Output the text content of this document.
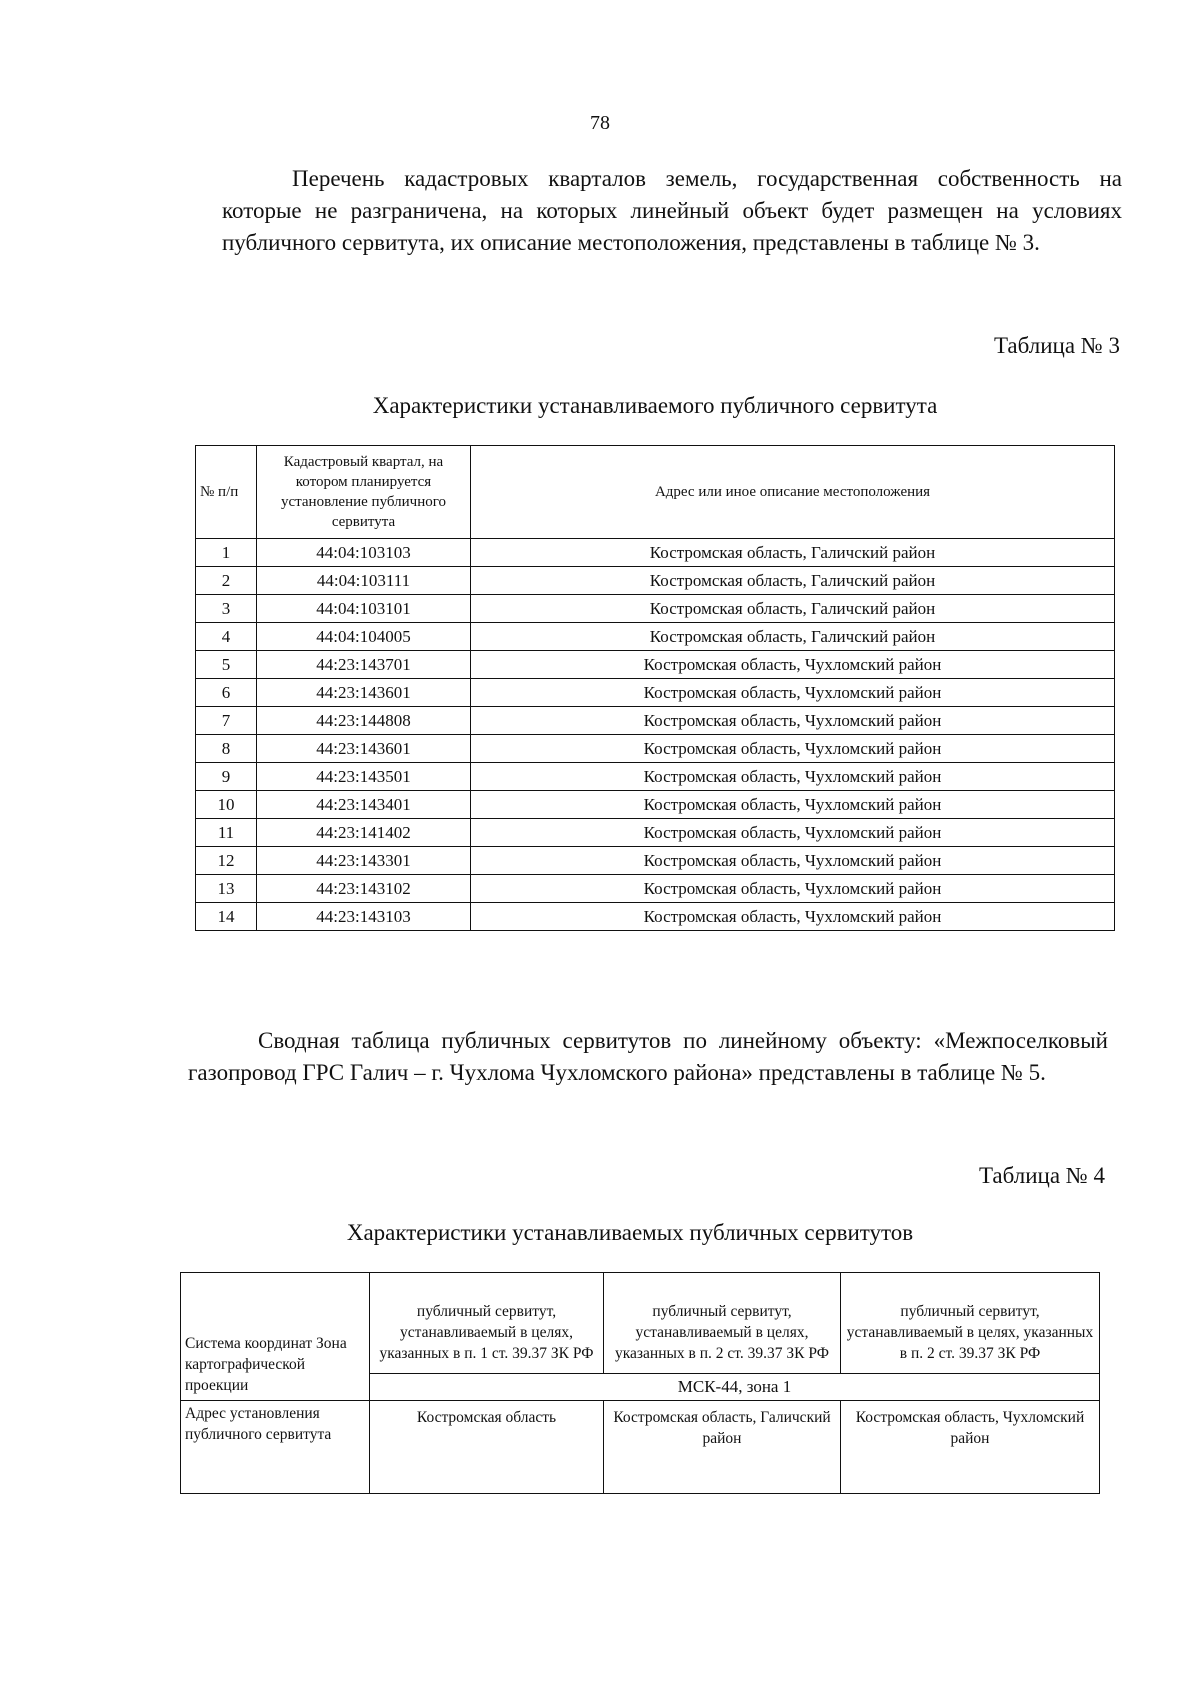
78

Перечень кадастровых кварталов земель, государственная собственность на которые не разграничена, на которых линейный объект будет размещен на условиях публичного сервитута, их описание местоположения, представлены в таблице № 3.

Таблица № 3
Характеристики устанавливаемого публичного сервитута
№ п/п	Кадастровый квартал, на котором планируется установление публичного сервитута	Адрес или иное описание местоположения
1	44:04:103103	Костромская область, Галичский район
2	44:04:103111	Костромская область, Галичский район
3	44:04:103101	Костромская область, Галичский район
4	44:04:104005	Костромская область, Галичский район
5	44:23:143701	Костромская область, Чухломский район
6	44:23:143601	Костромская область, Чухломский район
7	44:23:144808	Костромская область, Чухломский район
8	44:23:143601	Костромская область, Чухломский район
9	44:23:143501	Костромская область, Чухломский район
10	44:23:143401	Костромская область, Чухломский район
11	44:23:141402	Костромская область, Чухломский район
12	44:23:143301	Костромская область, Чухломский район
13	44:23:143102	Костромская область, Чухломский район
14	44:23:143103	Костромская область, Чухломский район

Сводная таблица публичных сервитутов по линейному объекту: «Межпоселковый газопровод ГРС Галич – г. Чухлома Чухломского района» представлены в таблице № 5.

Таблица № 4
Характеристики устанавливаемых публичных сервитутов
Система координат Зона картографической проекции	публичный сервитут, устанавливаемый в целях, указанных в п. 1 ст. 39.37 ЗК РФ	публичный сервитут, устанавливаемый в целях, указанных в п. 2 ст. 39.37 ЗК РФ	публичный сервитут, устанавливаемый в целях, указанных в п. 2 ст. 39.37 ЗК РФ
	МСК-44, зона 1		
Адрес установления публичного сервитута	Костромская область	Костромская область, Галичский район	Костромская область, Чухломский район
